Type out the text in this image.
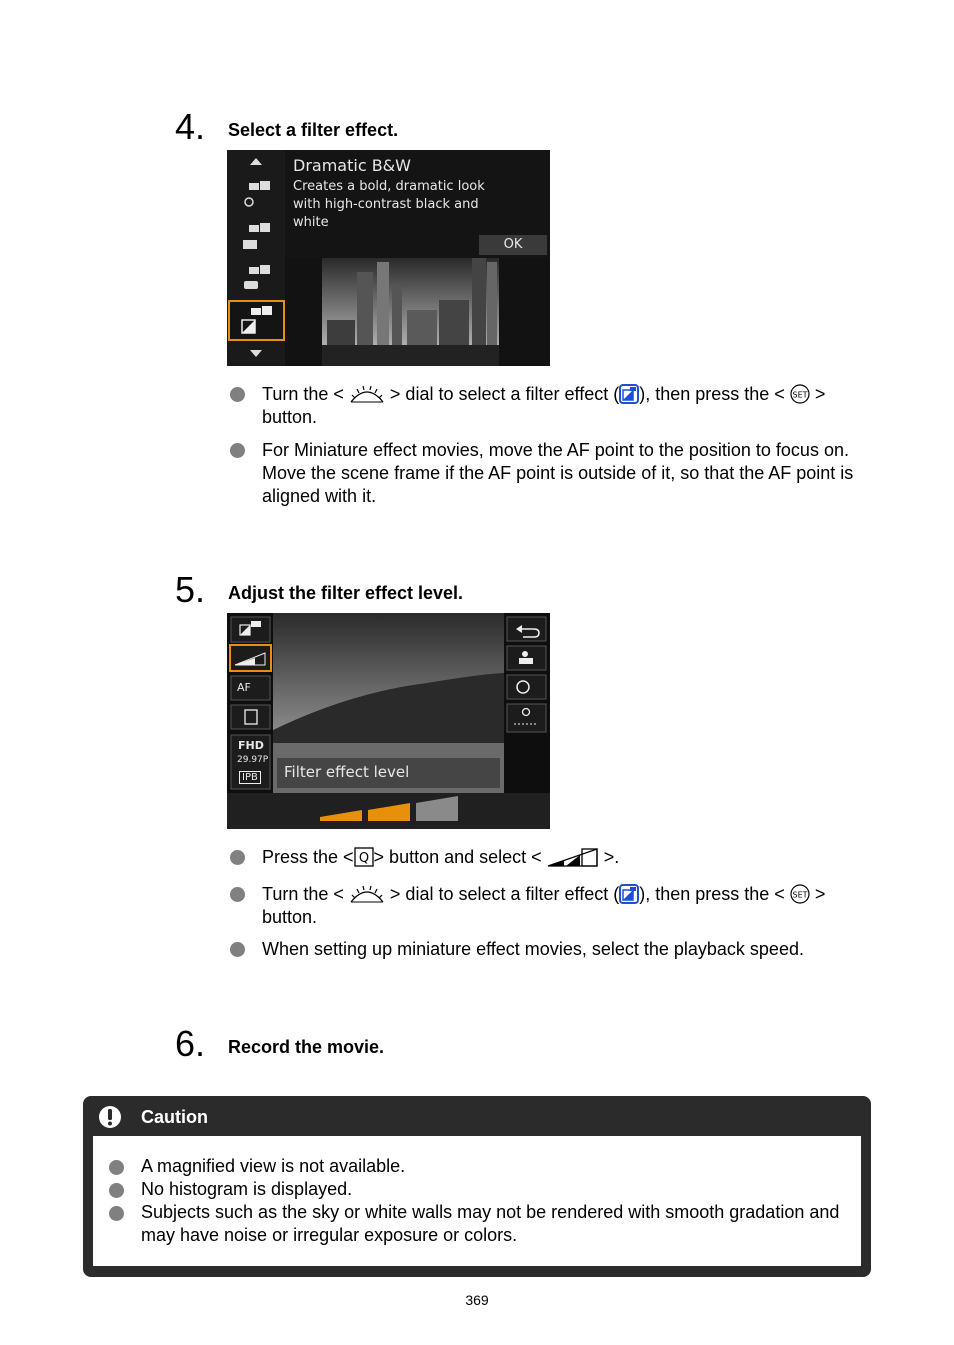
4. Select a filter effect.
Dramatic B&W
Creates a bold, dramatic look with high-contrast black and white
OK
Turn the <	> dial to select a filter effect ( ), then press the < SET >
button.
For Miniature effect movies, move the AF point to the position to focus on. Move the scene frame if the AF point is outside of it, so that the AF point is aligned with it.
5. Adjust the filter effect level.
AF
FHD
29.97P
IPB Filter effect level
Press the < Q > button and select <	>.
Turn the <	> dial to select a filter effect ( ), then press the < SET >
button.
When setting up miniature effect movies, select the playback speed.
6. Record the movie.
Caution
A magnified view is not available.
No histogram is displayed.
Subjects such as the sky or white walls may not be rendered with smooth gradation and may have noise or irregular exposure or colors.
369
